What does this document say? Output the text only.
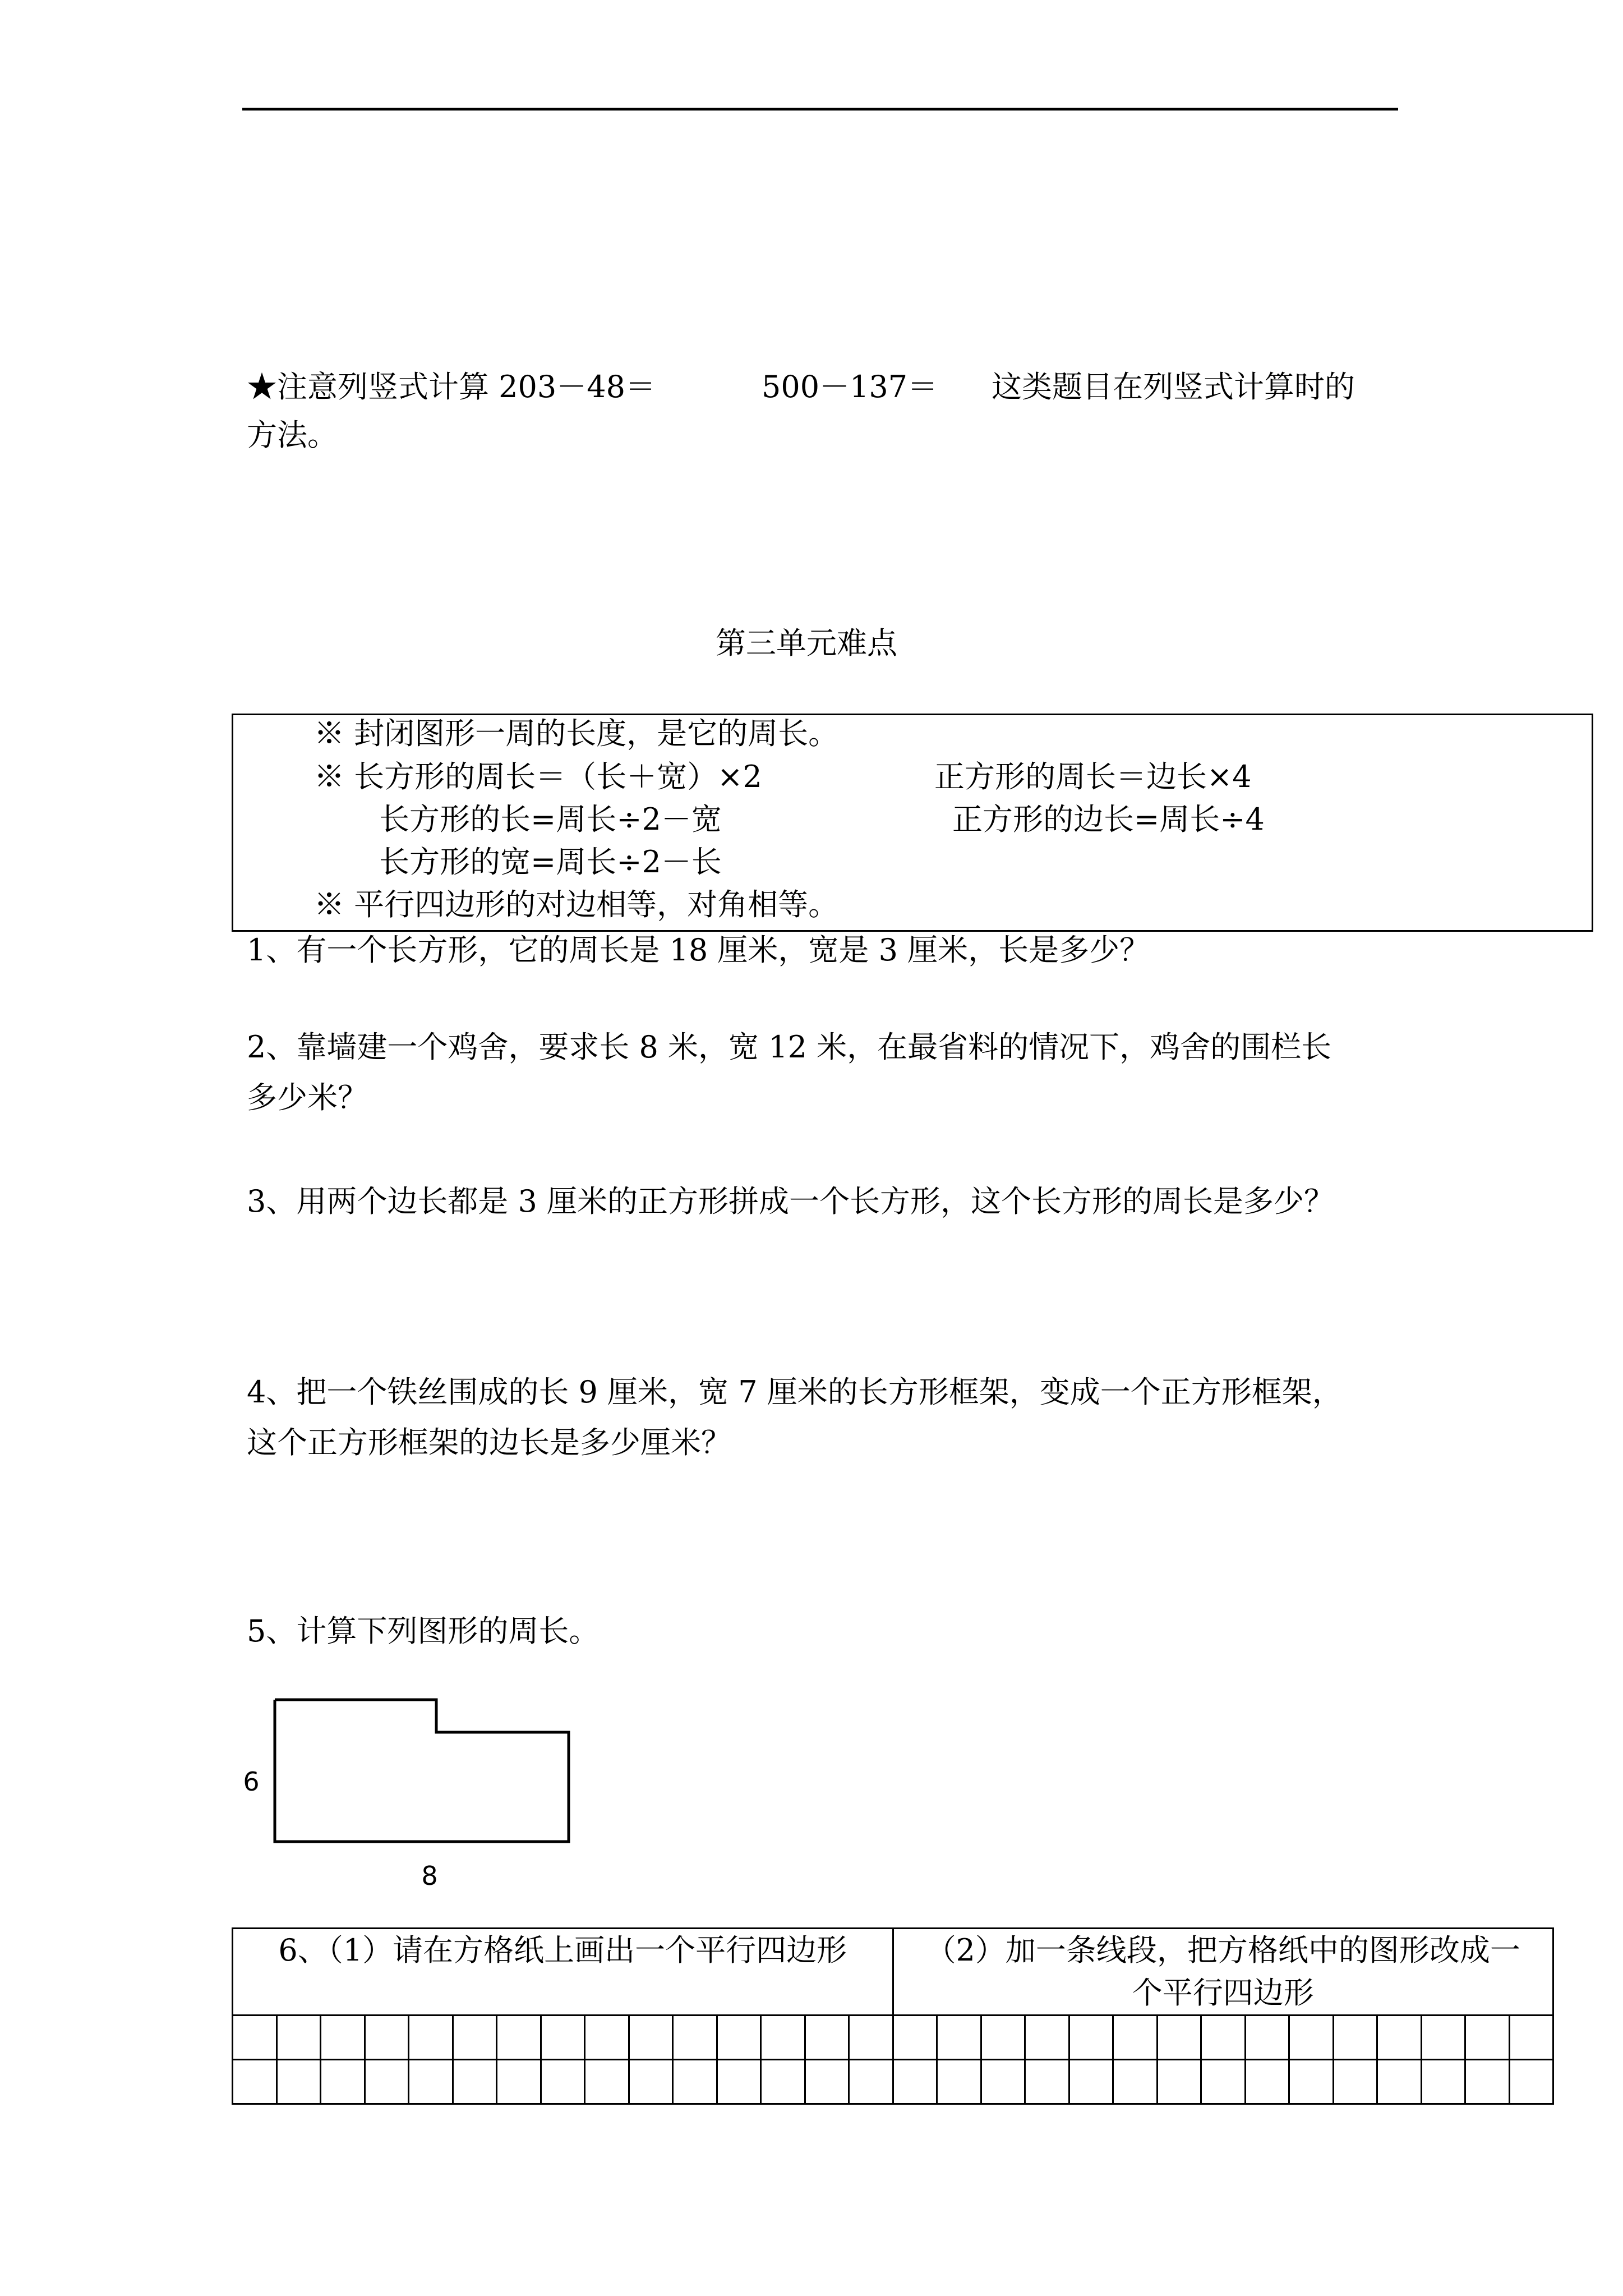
★注意列竖式计算 203－48＝	500－137＝ 这类题目在列竖式计算时的
方法。
第三单元难点
※ 封闭图形一周的长度，是它的周长。
※ 长方形的周长＝（长＋宽）×2	正方形的周长＝边长×4
长方形的长=周长÷2－宽	正方形的边长=周长÷4
长方形的宽=周长÷2－长
※ 平行四边形的对边相等，对角相等。
1、有一个长方形，它的周长是 18 厘米，宽是 3 厘米，长是多少？
2、靠墙建一个鸡舍，要求长 8 米，宽 12 米，在最省料的情况下，鸡舍的围栏长
多少米？
3、用两个边长都是 3 厘米的正方形拼成一个长方形，这个长方形的周长是多少？
4、把一个铁丝围成的长 9 厘米，宽 7 厘米的长方形框架，变成一个正方形框架，
这个正方形框架的边长是多少厘米？
5、计算下列图形的周长。
6
8
6、（1）请在方格纸上画出一个平行四边形															（2）加一条线段，把方格纸中的图形改成一
个平行四边形														
